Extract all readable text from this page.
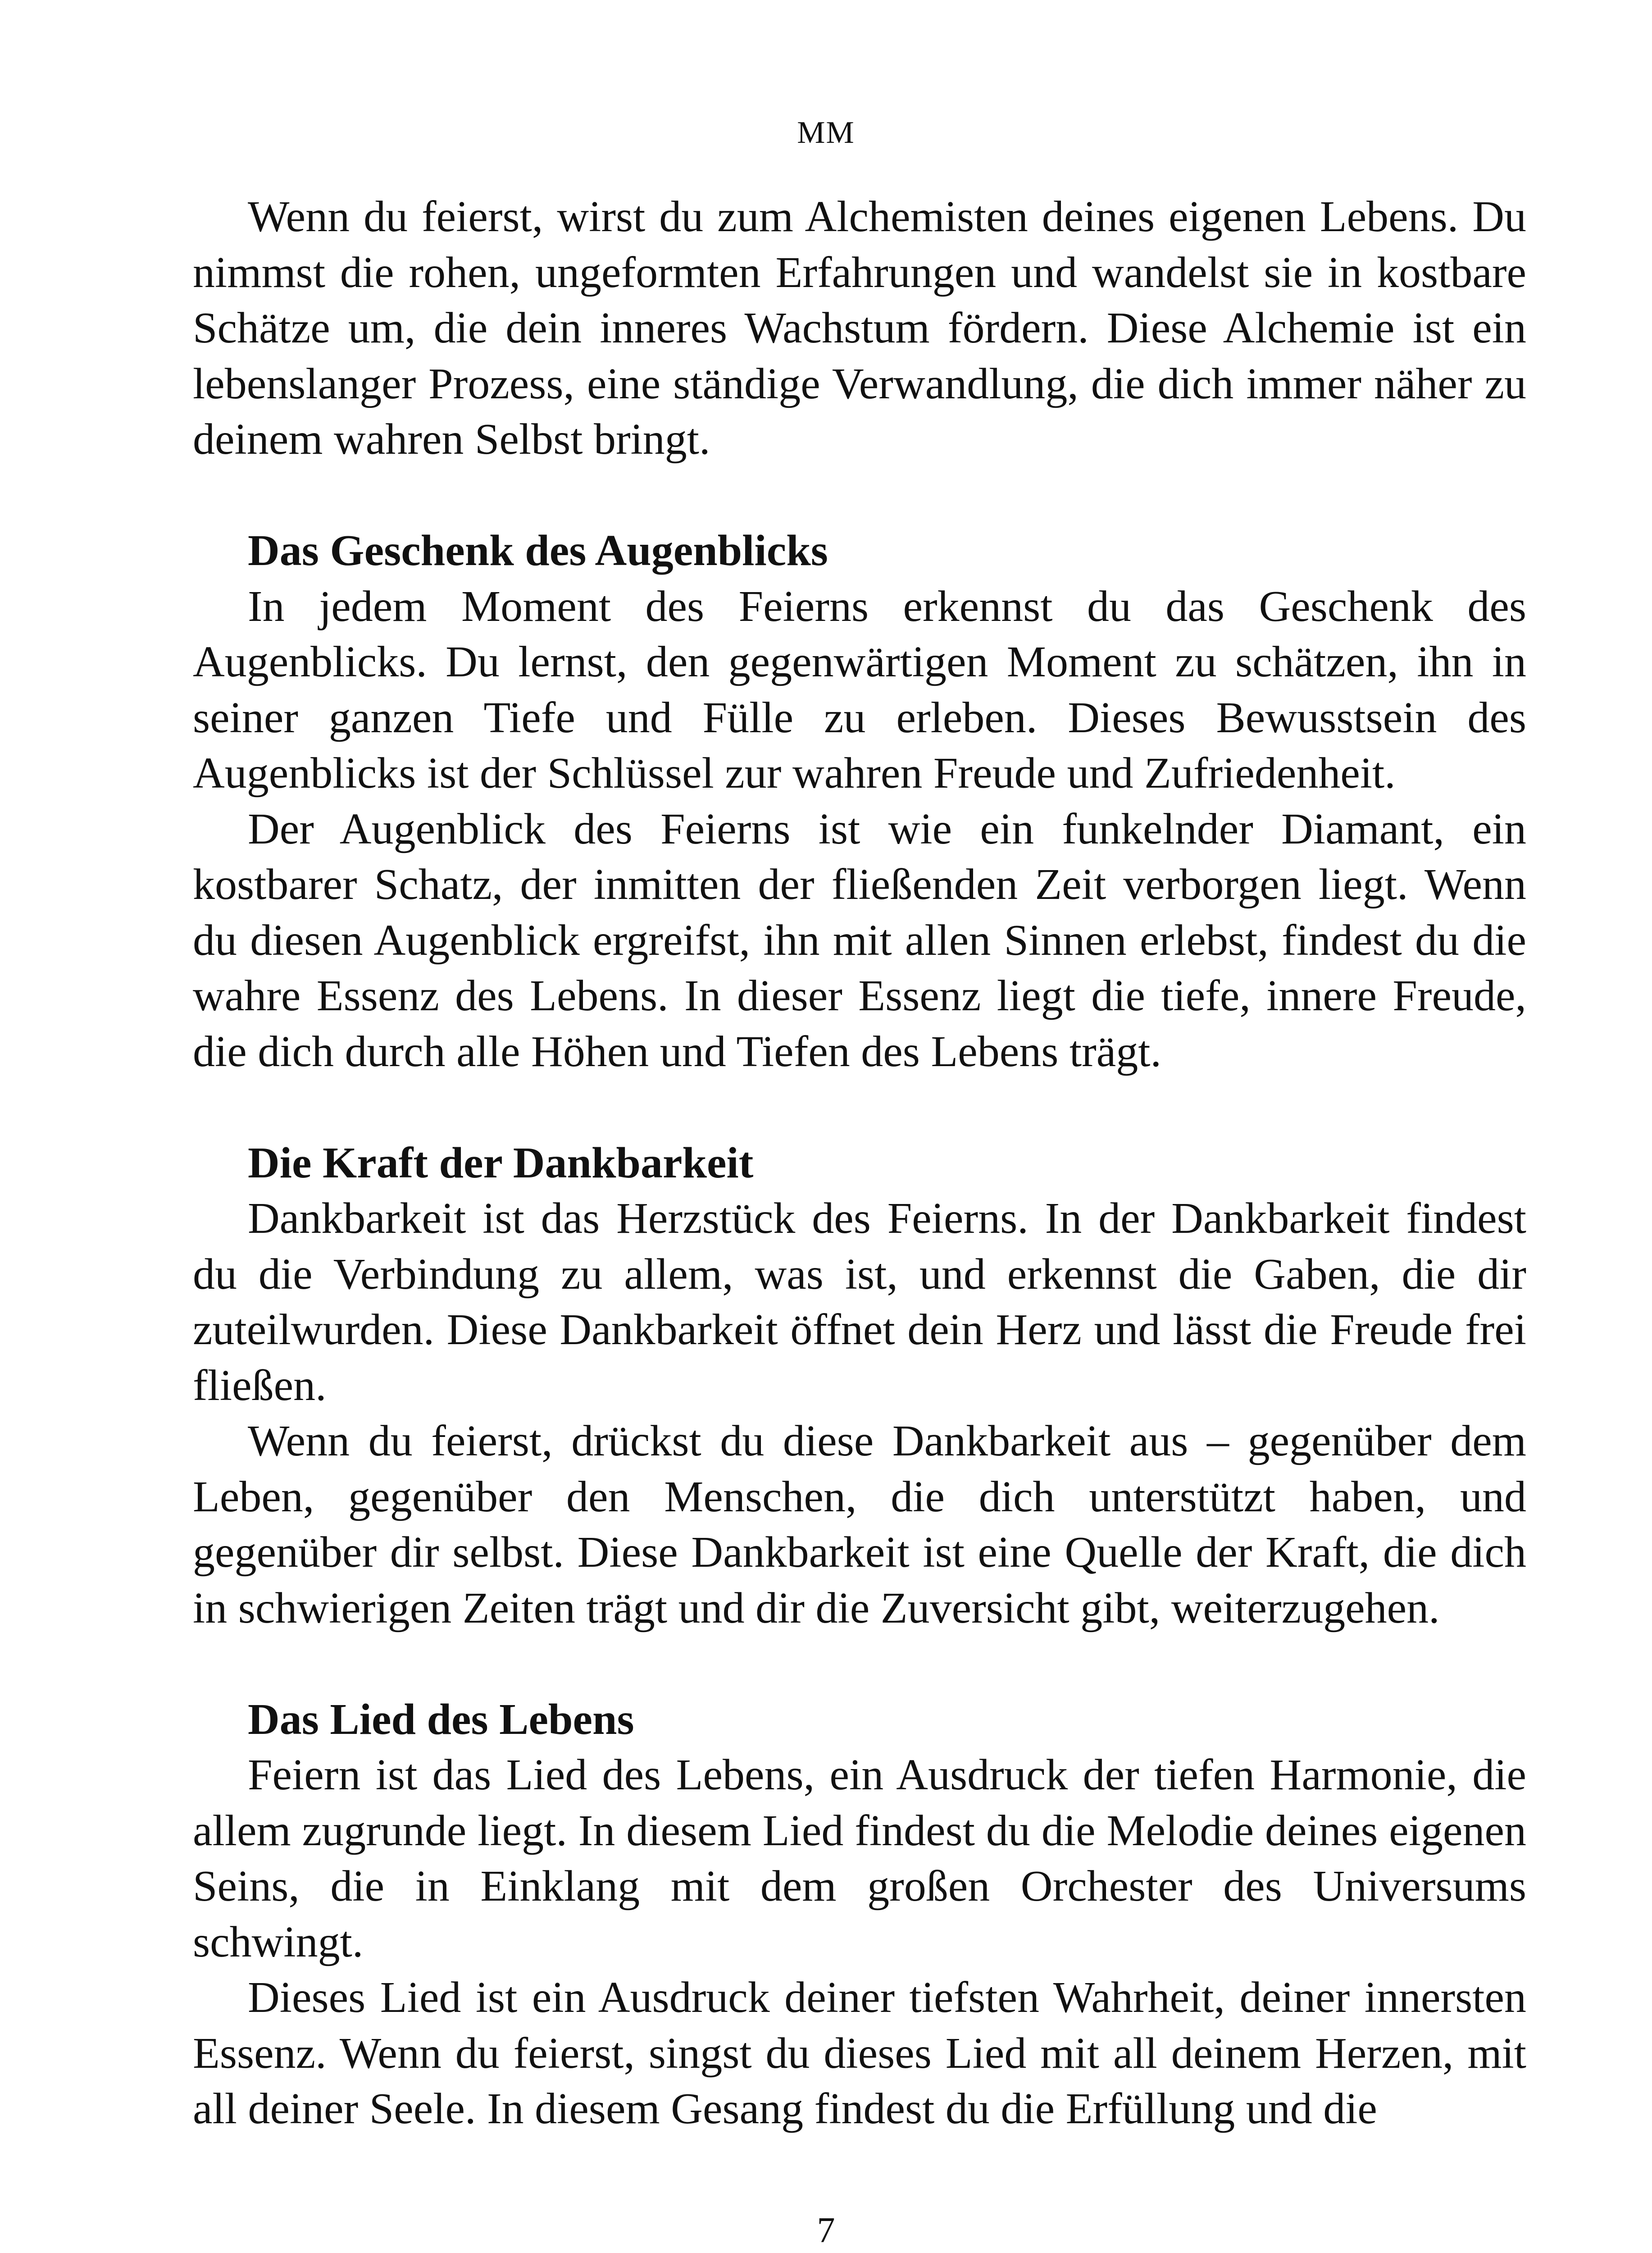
MM

Wenn du feierst, wirst du zum Alchemisten deines eigenen Lebens. Du nimmst die rohen, ungeformten Erfahrungen und wandelst sie in kostbare Schätze um, die dein inneres Wachstum fördern. Diese Alchemie ist ein lebenslanger Prozess, eine ständige Verwandlung, die dich immer näher zu deinem wahren Selbst bringt.

Das Geschenk des Augenblicks

In jedem Moment des Feierns erkennst du das Geschenk des Augenblicks. Du lernst, den gegenwärtigen Moment zu schätzen, ihn in seiner ganzen Tiefe und Fülle zu erleben. Dieses Bewusstsein des Augenblicks ist der Schlüssel zur wahren Freude und Zufriedenheit.

Der Augenblick des Feierns ist wie ein funkelnder Diamant, ein kostbarer Schatz, der inmitten der fließenden Zeit verborgen liegt. Wenn du diesen Augenblick ergreifst, ihn mit allen Sinnen erlebst, findest du die wahre Essenz des Lebens. In dieser Essenz liegt die tiefe, innere Freude, die dich durch alle Höhen und Tiefen des Lebens trägt.

Die Kraft der Dankbarkeit

Dankbarkeit ist das Herzstück des Feierns. In der Dankbarkeit findest du die Verbindung zu allem, was ist, und erkennst die Gaben, die dir zuteilwurden. Diese Dankbarkeit öffnet dein Herz und lässt die Freude frei fließen.

Wenn du feierst, drückst du diese Dankbarkeit aus – gegenüber dem Leben, gegenüber den Menschen, die dich unterstützt haben, und gegenüber dir selbst. Diese Dankbarkeit ist eine Quelle der Kraft, die dich in schwierigen Zeiten trägt und dir die Zuversicht gibt, weiterzugehen.

Das Lied des Lebens

Feiern ist das Lied des Lebens, ein Ausdruck der tiefen Harmonie, die allem zugrunde liegt. In diesem Lied findest du die Melodie deines eigenen Seins, die in Einklang mit dem großen Orchester des Universums schwingt.

Dieses Lied ist ein Ausdruck deiner tiefsten Wahrheit, deiner innersten Essenz. Wenn du feierst, singst du dieses Lied mit all deinem Herzen, mit all deiner Seele. In diesem Gesang findest du die Erfüllung und die

7
